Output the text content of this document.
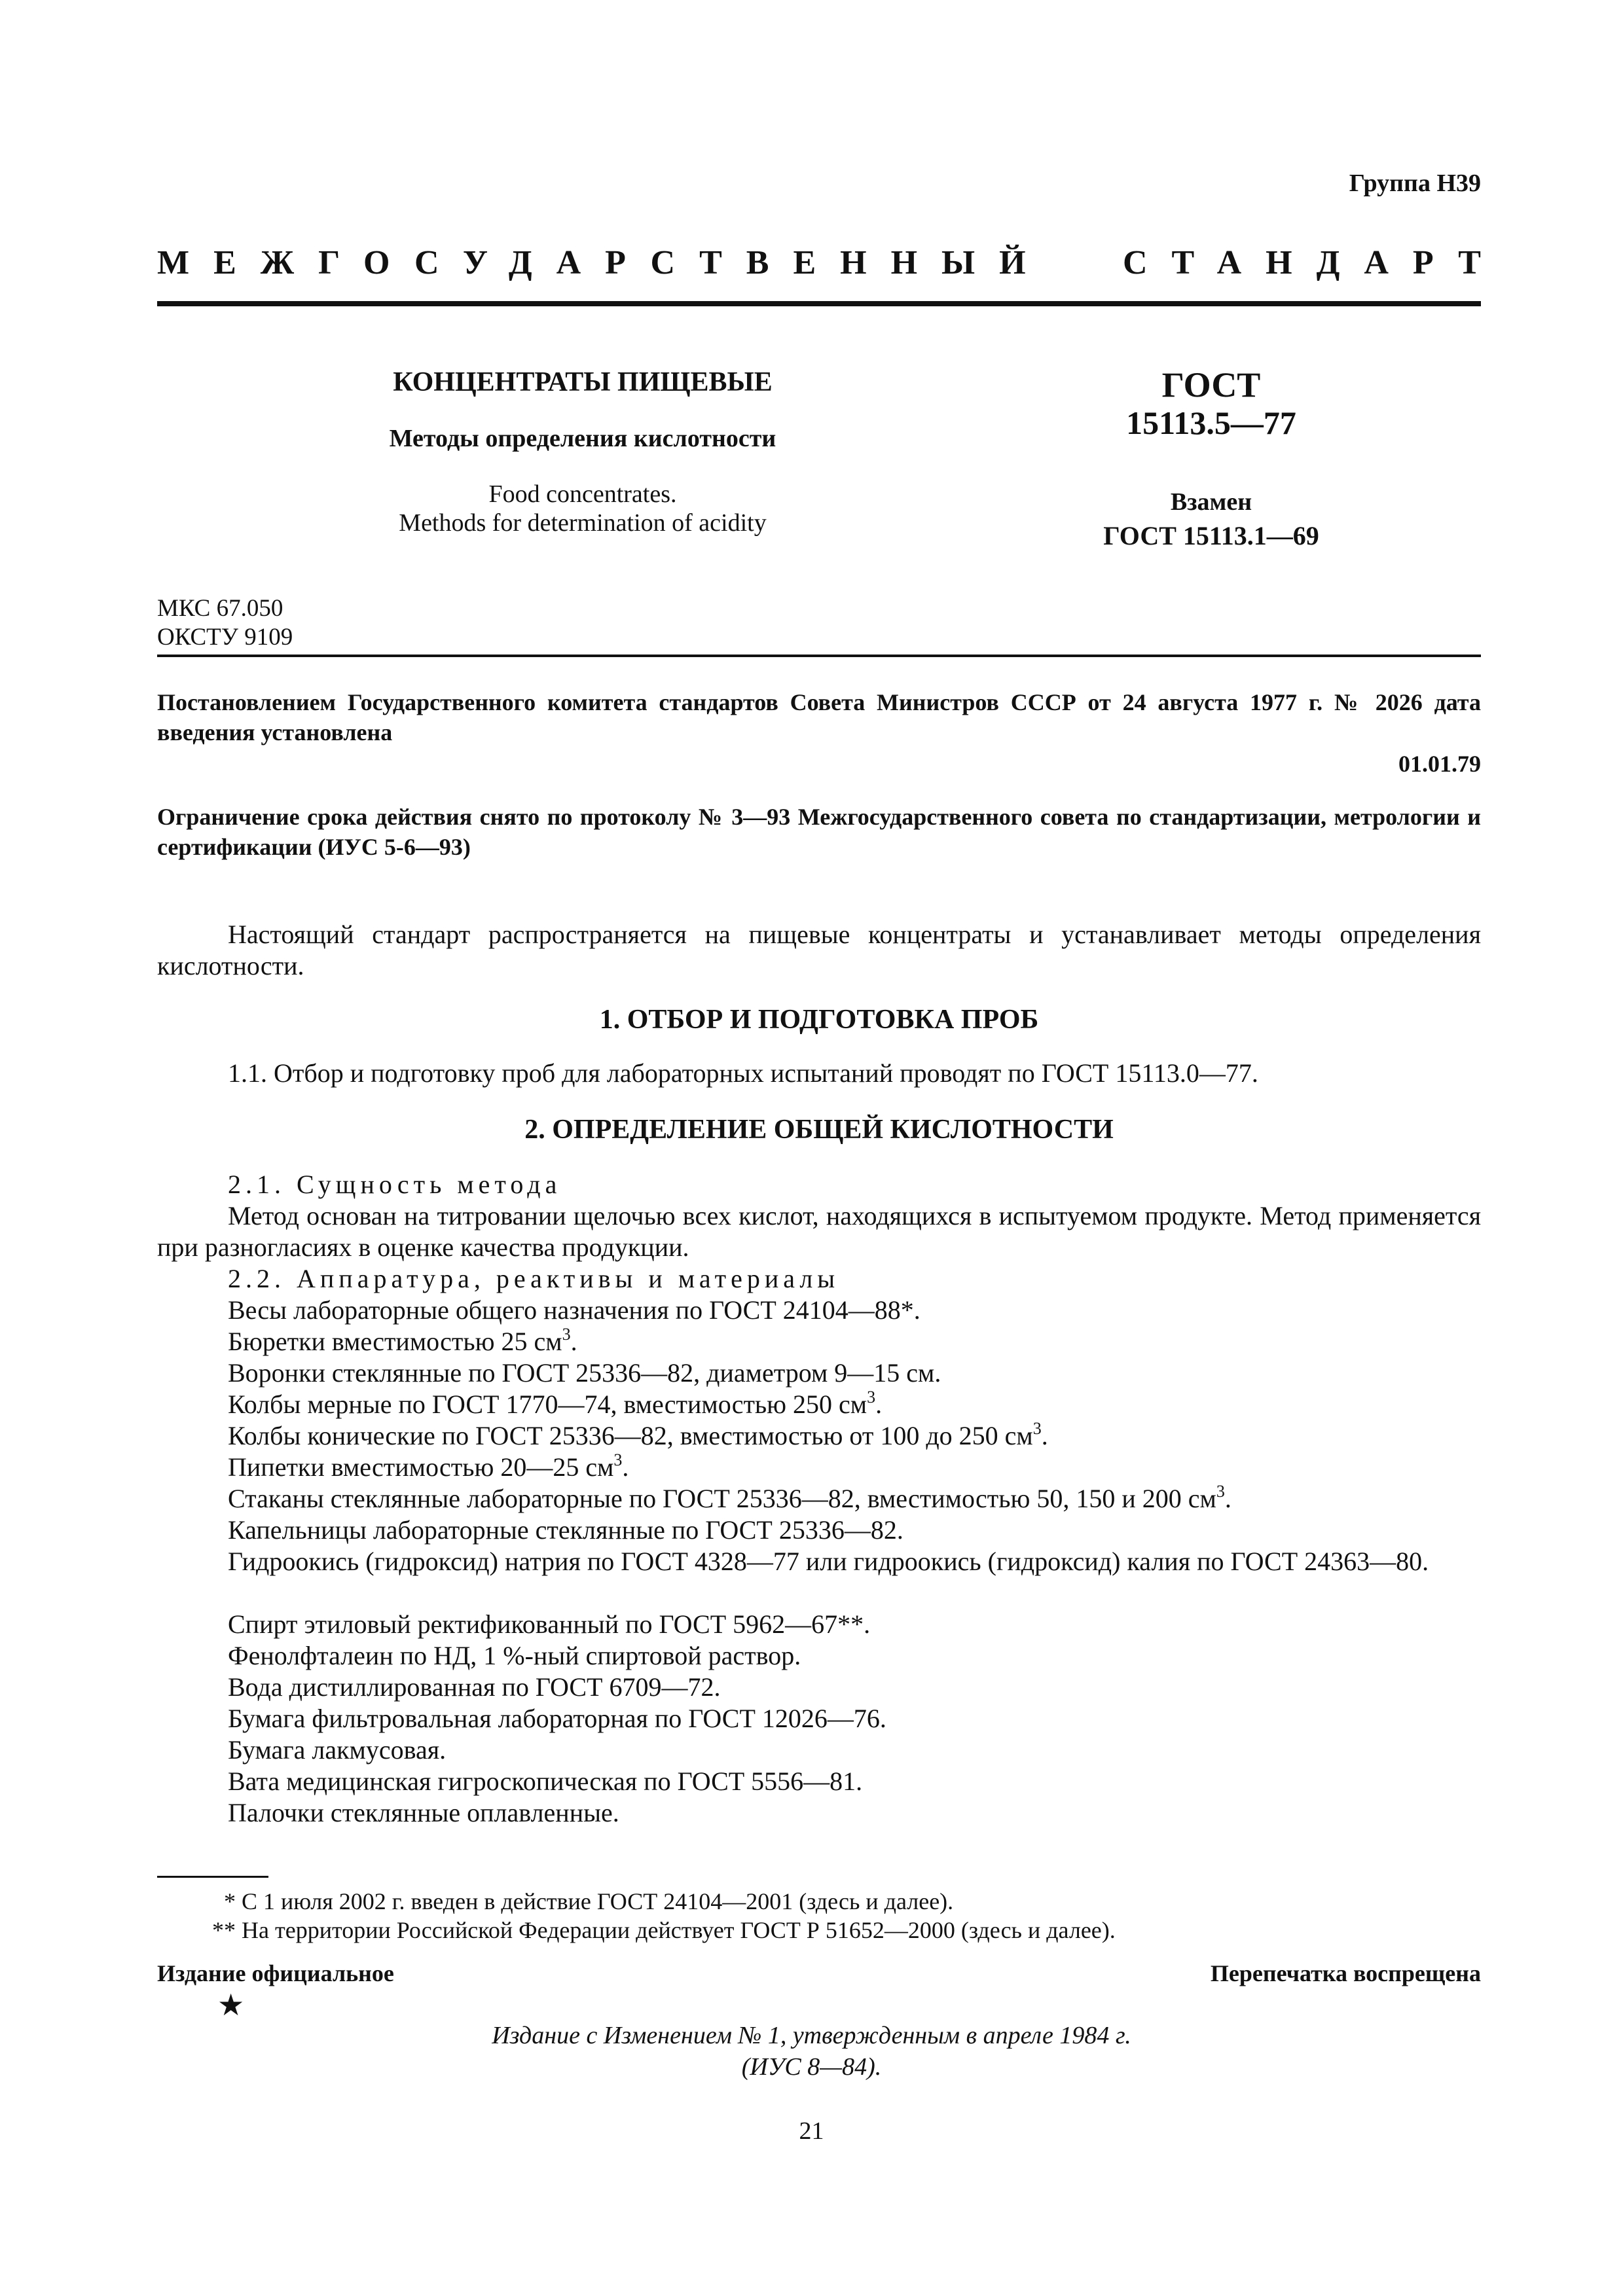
Группа Н39
МЕЖГОСУДАРСТВЕННЫЙ СТАНДАРТ
КОНЦЕНТРАТЫ ПИЩЕВЫЕ
Методы определения кислотности
Food concentrates.
Methods for determination of acidity
ГОСТ
15113.5—77
Взамен
ГОСТ 15113.1—69
МКС 67.050
ОКСТУ 9109
Постановлением Государственного комитета стандартов Совета Министров СССР от 24 августа 1977 г. № 2026 дата введения установлена
01.01.79
Ограничение срока действия снято по протоколу № 3—93 Межгосударственного совета по стандартизации, метрологии и сертификации (ИУС 5-6—93)
Настоящий стандарт распространяется на пищевые концентраты и устанавливает методы определения кислотности.
1. ОТБОР И ПОДГОТОВКА ПРОБ
1.1. Отбор и подготовку проб для лабораторных испытаний проводят по ГОСТ 15113.0—77.
2. ОПРЕДЕЛЕНИЕ ОБЩЕЙ КИСЛОТНОСТИ
2.1. Сущность метода
Метод основан на титровании щелочью всех кислот, находящихся в испытуемом продукте. Метод применяется при разногласиях в оценке качества продукции.
2.2. Аппаратура, реактивы и материалы
Весы лабораторные общего назначения по ГОСТ 24104—88*.
Бюретки вместимостью 25 $см^3$.
Воронки стеклянные по ГОСТ 25336—82, диаметром 9—15 см.
Колбы мерные по ГОСТ 1770—74, вместимостью 250 $см^3$.
Колбы конические по ГОСТ 25336—82, вместимостью от 100 до 250 $см^3$.
Пипетки вместимостью 20—25 $см^3$.
Стаканы стеклянные лабораторные по ГОСТ 25336—82, вместимостью 50, 150 и 200 $см^3$.
Капельницы лабораторные стеклянные по ГОСТ 25336—82.
Гидроокись (гидроксид) натрия по ГОСТ 4328—77 или гидроокись (гидроксид) калия по ГОСТ 24363—80.
Спирт этиловый ректификованный по ГОСТ 5962—67**.
Фенолфталеин по НД, 1 %-ный спиртовой раствор.
Вода дистиллированная по ГОСТ 6709—72.
Бумага фильтровальная лабораторная по ГОСТ 12026—76.
Бумага лакмусовая.
Вата медицинская гигроскопическая по ГОСТ 5556—81.
Палочки стеклянные оплавленные.
* С 1 июля 2002 г. введен в действие ГОСТ 24104—2001 (здесь и далее).
** На территории Российской Федерации действует ГОСТ Р 51652—2000 (здесь и далее).
Издание официальное	Перепечатка воспрещена
★
Издание с Изменением № 1, утвержденным в апреле 1984 г.
(ИУС 8—84).
21
